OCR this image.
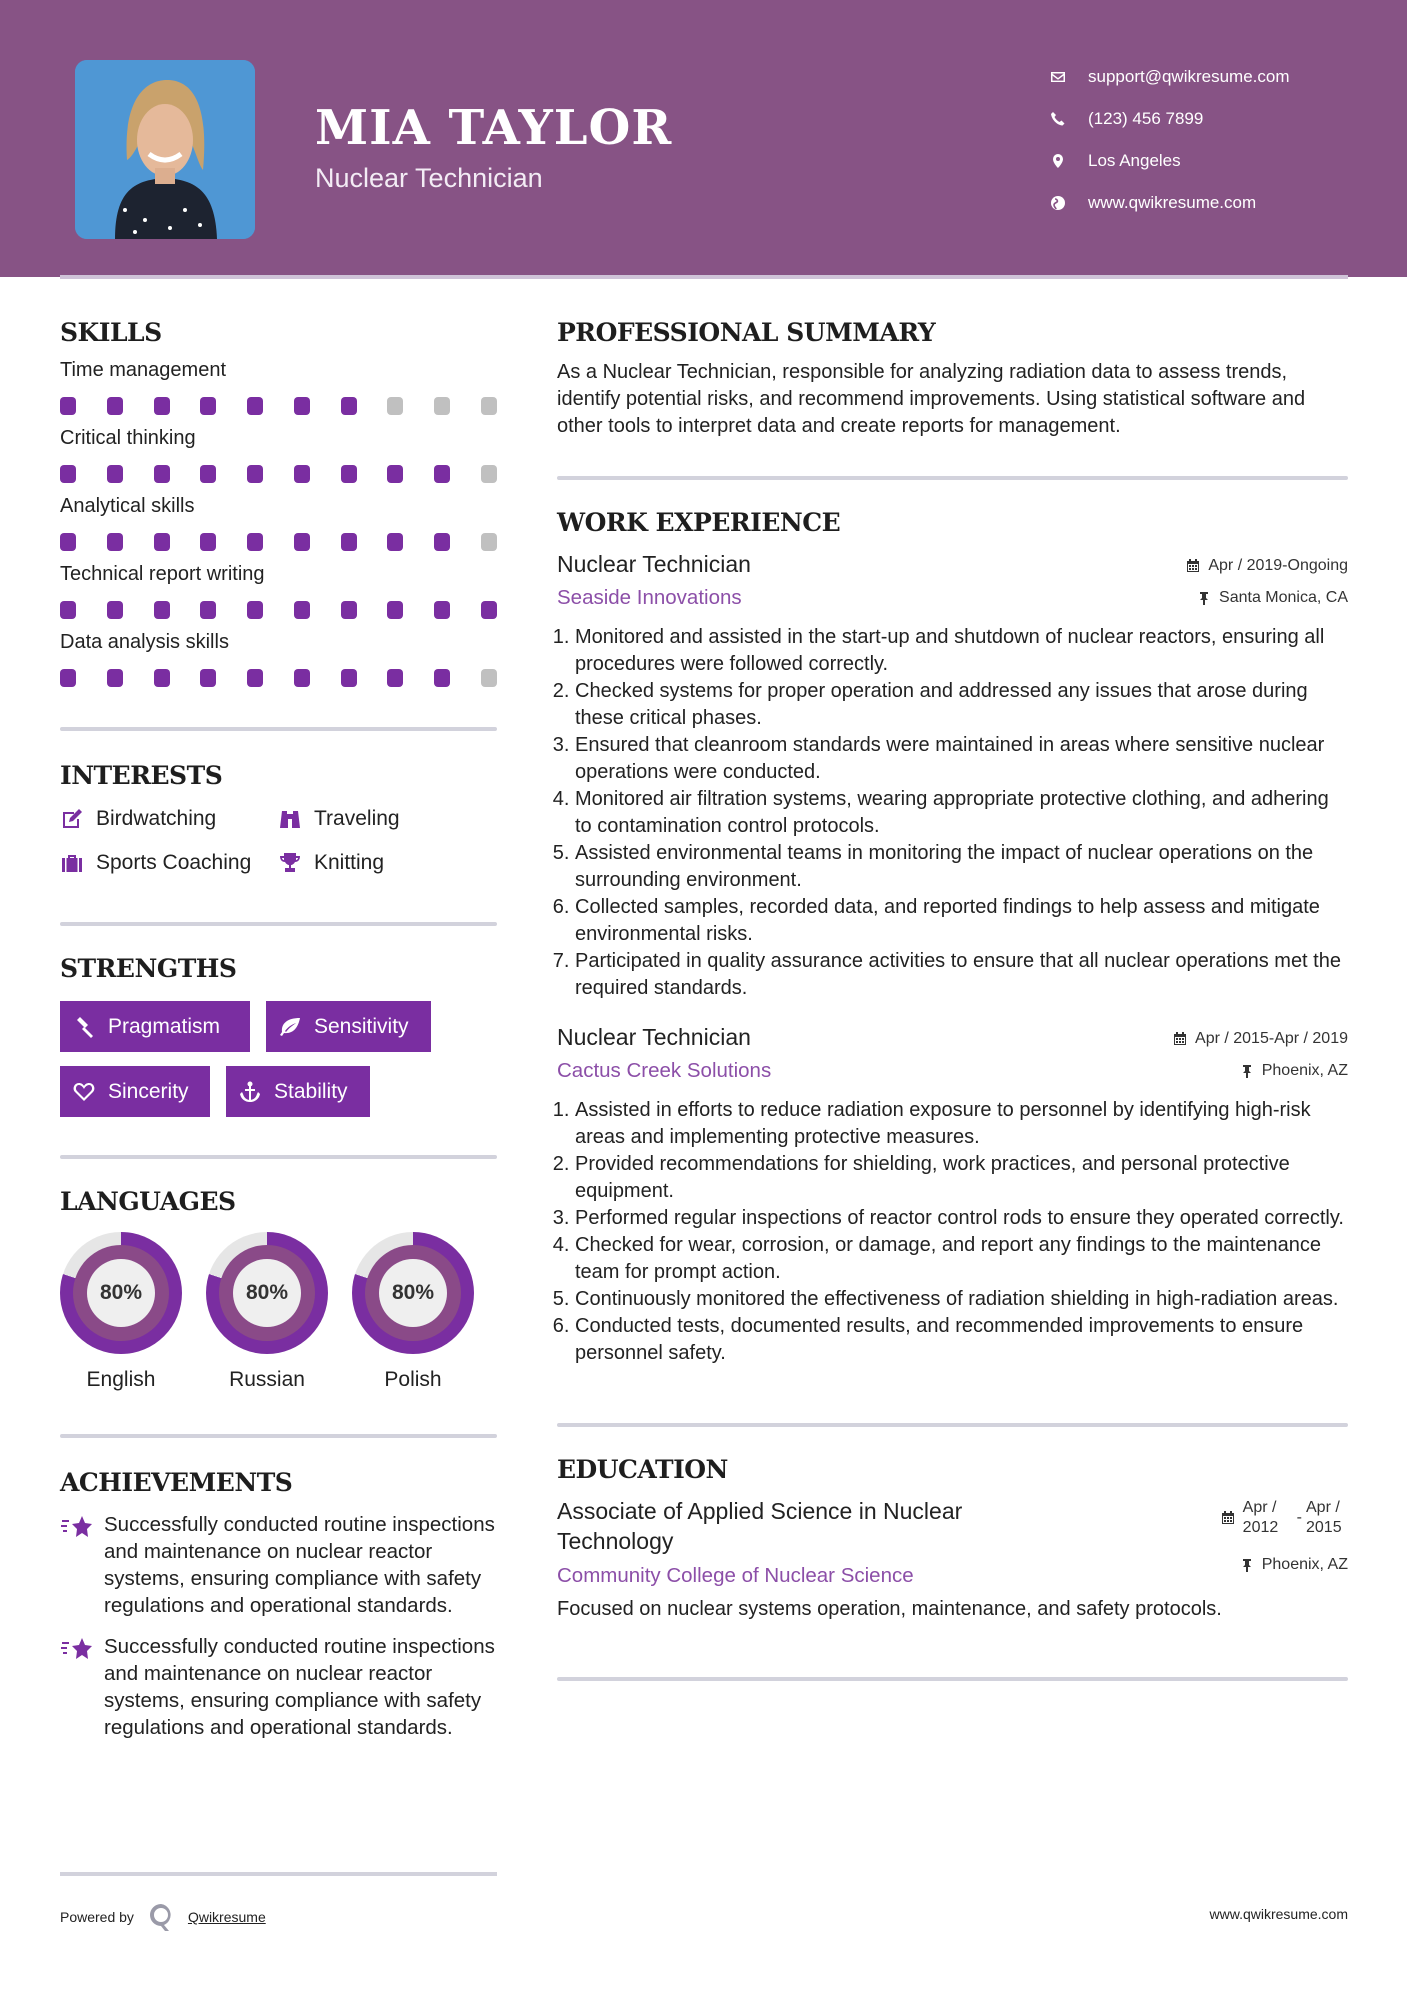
MIA TAYLOR
Nuclear Technician
support@qwikresume.com
(123) 456 7899
Los Angeles
www.qwikresume.com
SKILLS
Time management
Critical thinking
Analytical skills
Technical report writing
Data analysis skills
INTERESTS
Birdwatching	Traveling
Sports Coaching	Knitting
STRENGTHS
Pragmatism	Sensitivity
Sincerity	Stability
LANGUAGES
80%
English
80%
Russian
80%
Polish
ACHIEVEMENTS

Successfully conducted routine inspections and maintenance on nuclear reactor systems, ensuring compliance with safety regulations and operational standards.

Successfully conducted routine inspections and maintenance on nuclear reactor systems, ensuring compliance with safety regulations and operational standards.

PROFESSIONAL SUMMARY

As a Nuclear Technician, responsible for analyzing radiation data to assess trends, identify potential risks, and recommend improvements. Using statistical software and other tools to interpret data and create reports for management.

WORK EXPERIENCE
Nuclear Technician
Seaside Innovations
Apr / 2019-Ongoing
Santa Monica, CA
1. Monitored and assisted in the start-up and shutdown of nuclear reactors, ensuring all procedures were followed correctly.
2. Checked systems for proper operation and addressed any issues that arose during these critical phases.
3. Ensured that cleanroom standards were maintained in areas where sensitive nuclear operations were conducted.
4. Monitored air filtration systems, wearing appropriate protective clothing, and adhering to contamination control protocols.
5. Assisted environmental teams in monitoring the impact of nuclear operations on the surrounding environment.
6. Collected samples, recorded data, and reported findings to help assess and mitigate environmental risks.
7. Participated in quality assurance activities to ensure that all nuclear operations met the required standards.
Nuclear Technician
Cactus Creek Solutions
Apr / 2015-Apr / 2019
Phoenix, AZ
1. Assisted in efforts to reduce radiation exposure to personnel by identifying high-risk areas and implementing protective measures.
2. Provided recommendations for shielding, work practices, and personal protective equipment.
3. Performed regular inspections of reactor control rods to ensure they operated correctly.
4. Checked for wear, corrosion, or damage, and report any findings to the maintenance team for prompt action.
5. Continuously monitored the effectiveness of radiation shielding in high-radiation areas.
6. Conducted tests, documented results, and recommended improvements to ensure personnel safety.
EDUCATION
Associate of Applied Science in Nuclear Technology
Community College of Nuclear Science
Apr / 2012
-
Apr / 2015
Phoenix, AZ

Focused on nuclear systems operation, maintenance, and safety protocols.

Powered by	Qwikresume	www.qwikresume.com
